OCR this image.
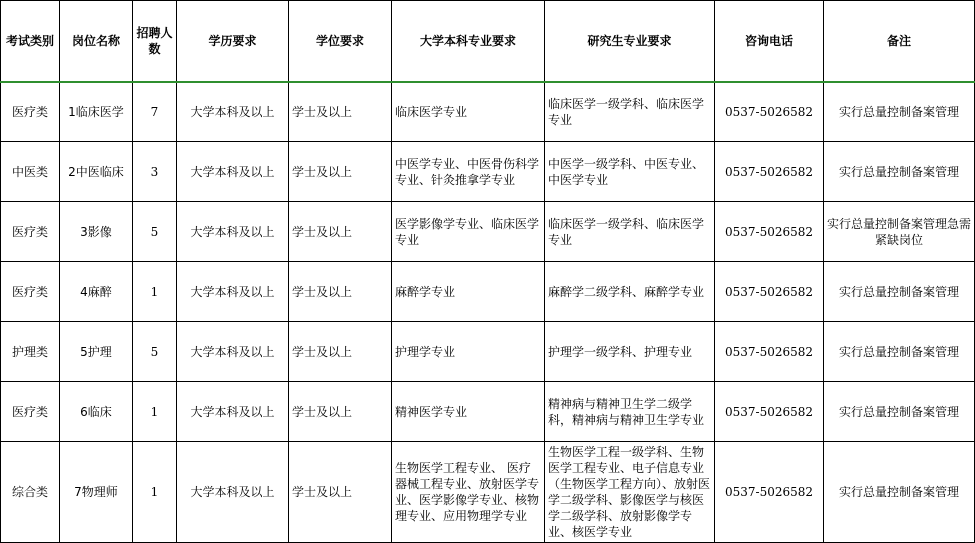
考试类别	岗位名称	招聘人数	学历要求	学位要求	大学本科专业要求	研究生专业要求	咨询电话	备注
医疗类	1临床医学	7	大学本科及以上	学士及以上	临床医学专业	临床医学一级学科、临床医学专业	0537-5026582	实行总量控制备案管理
中医类	2中医临床	3	大学本科及以上	学士及以上	中医学专业、中医骨伤科学专业、针灸推拿学专业	中医学一级学科、中医专业、中医学专业	0537-5026582	实行总量控制备案管理
医疗类	3影像	5	大学本科及以上	学士及以上	医学影像学专业、临床医学专业	临床医学一级学科、临床医学专业	0537-5026582	实行总量控制备案管理急需紧缺岗位
医疗类	4麻醉	1	大学本科及以上	学士及以上	麻醉学专业	麻醉学二级学科、麻醉学专业	0537-5026582	实行总量控制备案管理
护理类	5护理	5	大学本科及以上	学士及以上	护理学专业	护理学一级学科、护理专业	0537-5026582	实行总量控制备案管理
医疗类	6临床	1	大学本科及以上	学士及以上	精神医学专业	精神病与精神卫生学二级学科，精神病与精神卫生学专业	0537-5026582	实行总量控制备案管理
综合类	7物理师	1	大学本科及以上	学士及以上	生物医学工程专业、 医疗器械工程专业、放射医学专业、医学影像学专业、核物理专业、应用物理学专业	生物医学工程一级学科、生物医学工程专业、电子信息专业（生物医学工程方向）、放射医学二级学科、影像医学与核医学二级学科、放射影像学专业、核医学专业	0537-5026582	实行总量控制备案管理
